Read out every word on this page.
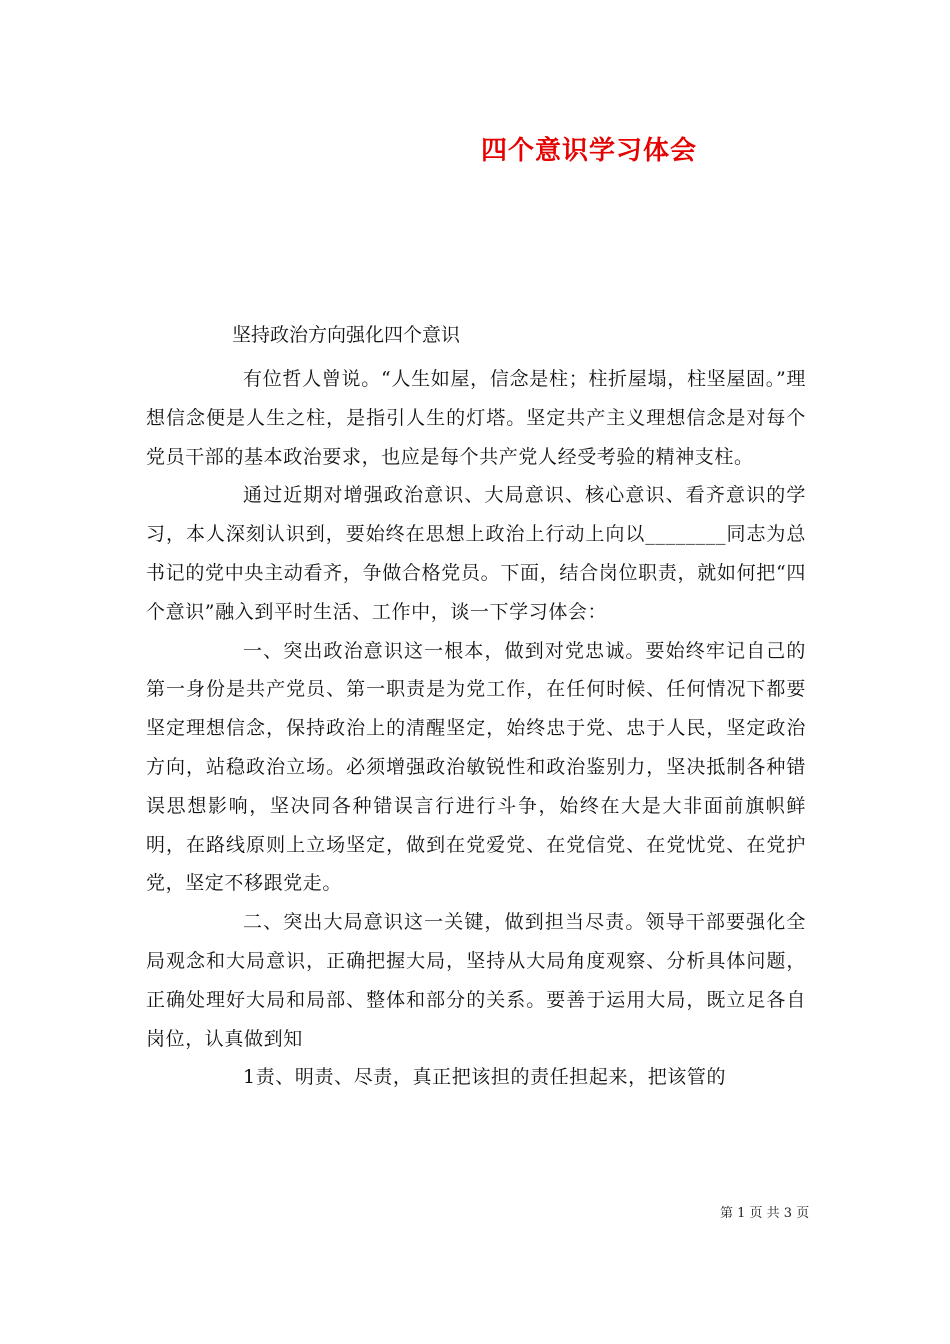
四个意识学习体会
坚持政治方向强化四个意识

有位哲人曾说。“人生如屋，信念是柱；柱折屋塌，柱坚屋固。”理想信念便是人生之柱，是指引人生的灯塔。坚定共产主义理想信念是对每个党员干部的基本政治要求，也应是每个共产党人经受考验的精神支柱。

通过近期对增强政治意识、大局意识、核心意识、看齐意识的学习，本人深刻认识到，要始终在思想上政治上行动上向以________同志为总书记的党中央主动看齐，争做合格党员。下面，结合岗位职责，就如何把“四个意识”融入到平时生活、工作中，谈一下学习体会：

一、突出政治意识这一根本，做到对党忠诚。要始终牢记自己的第一身份是共产党员、第一职责是为党工作，在任何时候、任何情况下都要坚定理想信念，保持政治上的清醒坚定，始终忠于党、忠于人民，坚定政治方向，站稳政治立场。必须增强政治敏锐性和政治鉴别力，坚决抵制各种错误思想影响，坚决同各种错误言行进行斗争，始终在大是大非面前旗帜鲜明，在路线原则上立场坚定，做到在党爱党、在党信党、在党忧党、在党护党，坚定不移跟党走。

二、突出大局意识这一关键，做到担当尽责。领导干部要强化全局观念和大局意识，正确把握大局，坚持从大局角度观察、分析具体问题，正确处理好大局和局部、整体和部分的关系。要善于运用大局，既立足各自岗位，认真做到知

1责、明责、尽责，真正把该担的责任担起来，把该管的

第 1 页 共 3 页
